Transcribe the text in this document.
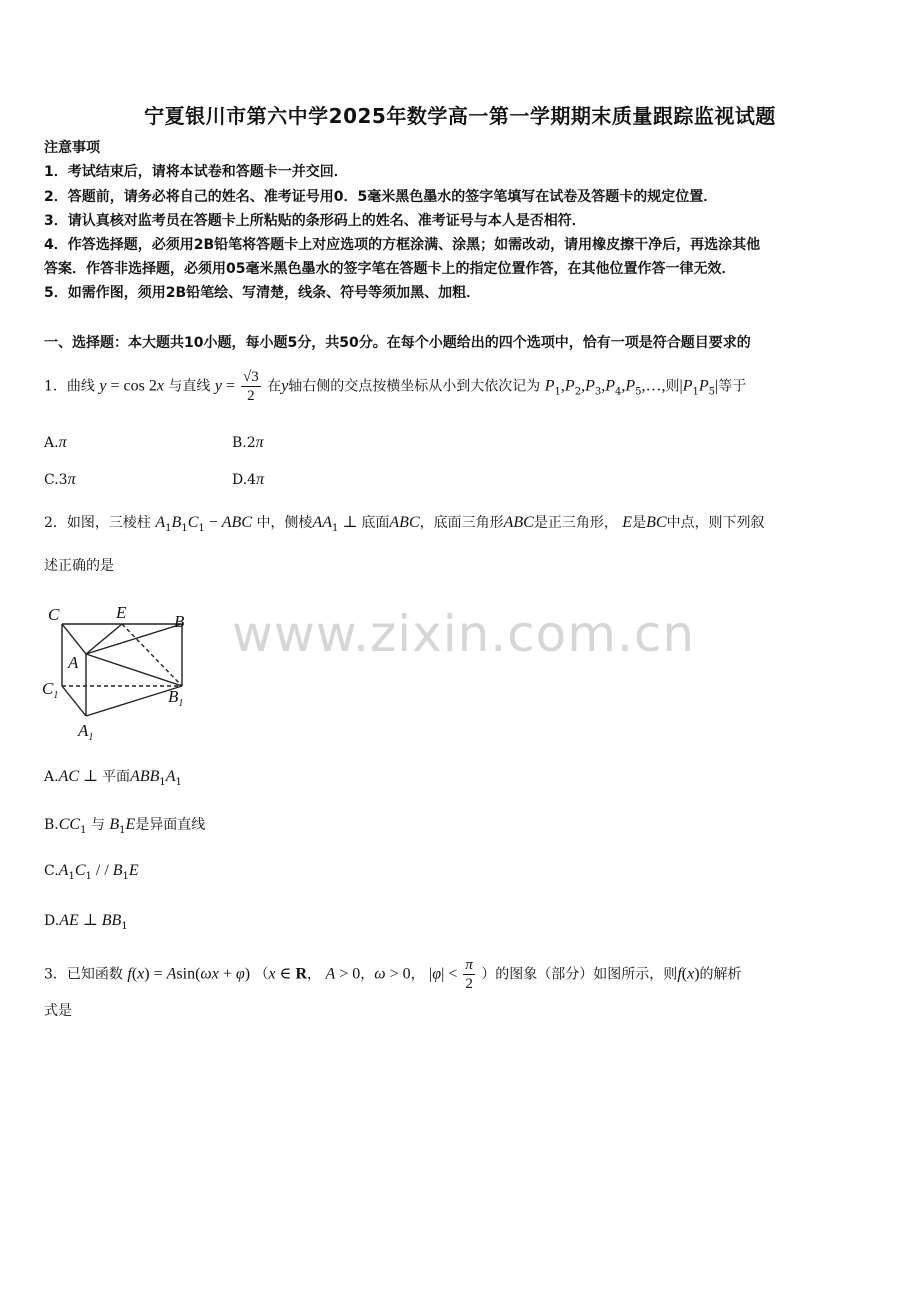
宁夏银川市第六中学2025年数学高一第一学期期末质量跟踪监视试题
注意事项
1．考试结束后，请将本试卷和答题卡一并交回．
2．答题前，请务必将自己的姓名、准考证号用0．5毫米黑色墨水的签字笔填写在试卷及答题卡的规定位置．
3．请认真核对监考员在答题卡上所粘贴的条形码上的姓名、准考证号与本人是否相符．
4．作答选择题，必须用2B铅笔将答题卡上对应选项的方框涂满、涂黑；如需改动，请用橡皮擦干净后，再选涂其他
答案．作答非选择题，必须用05毫米黑色墨水的签字笔在答题卡上的指定位置作答，在其他位置作答一律无效．
5．如需作图，须用2B铅笔绘、写清楚，线条、符号等须加黑、加粗．
一、选择题：本大题共10小题，每小题5分，共50分。在每个小题给出的四个选项中，恰有一项是符合题目要求的
1．曲线 y = cos 2x 与直线 $y = \frac{√3}{2}$ 在y轴右侧的交点按横坐标从小到大依次记为 $P_1,P_2,P_3,P_4,P_5,\dots$,则$|P_1P_5|$等于
A.π	B.2π
C.3π	D.4π
2．如图，三棱柱 $A_1B_1C_1$ − ABC 中，侧棱$AA_1$ ⊥ 底面ABC，底面三角形ABC是正三角形， E是BC中点，则下列叙
述正确的是
C	E	B
A
$C_1$	$B_1$
$A_1$
A.AC ⊥ 平面$ABB_1A_1$
$B.CC_1$ 与 $B_1E$是异面直线
$C.A_1C_1$ / / $B_1E$
D.AE ⊥ $BB_1$
3．已知函数 f(x) = Asin(ωx + φ) （x ∈ R， A > 0，ω > 0， $|\varphi| < \frac{\pi}{2}$ ）的图象（部分）如图所示，则f(x)的解析
式是
www.zixin.com.cn
